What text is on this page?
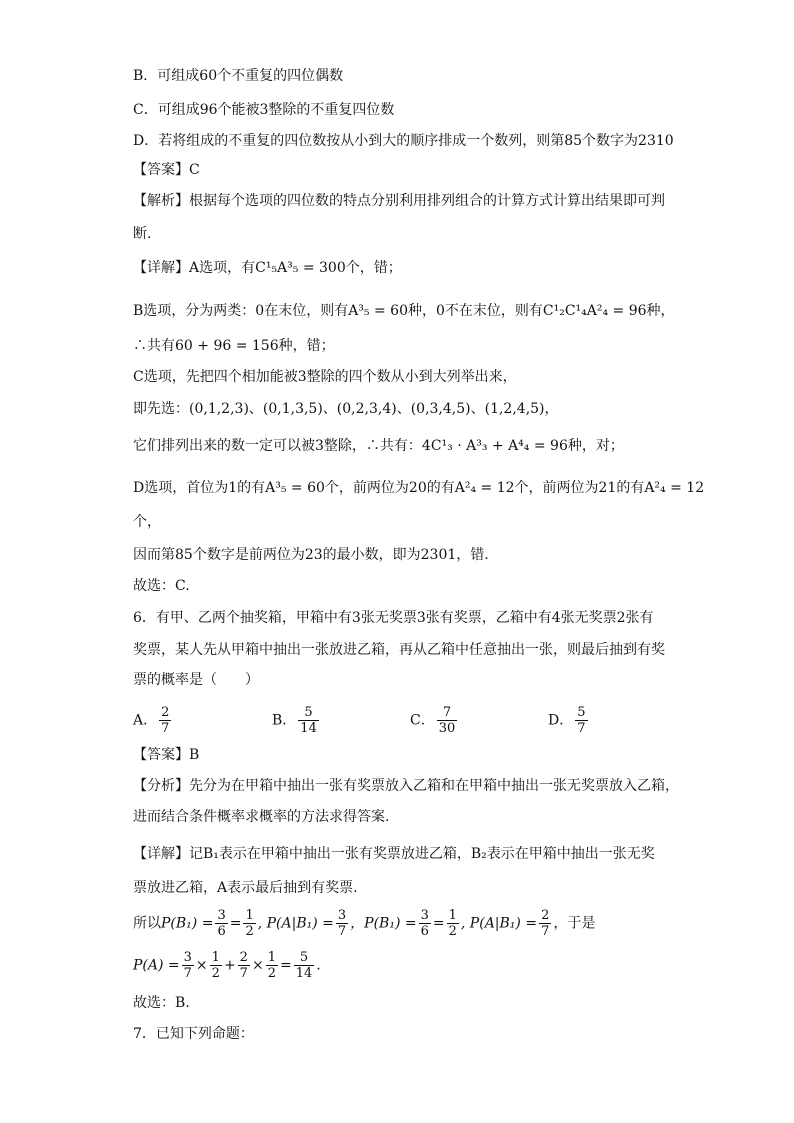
B．可组成60个不重复的四位偶数
C．可组成96个能被3整除的不重复四位数
D．若将组成的不重复的四位数按从小到大的顺序排成一个数列，则第85个数字为2310
【答案】C
【解析】根据每个选项的四位数的特点分别利用排列组合的计算方式计算出结果即可判
断.
【详解】A选项，有C¹₅A³₅ = 300个，错；
B选项，分为两类：0在末位，则有A³₅ = 60种，0不在末位，则有C¹₂C¹₄A²₄ = 96种，
∴共有60 + 96 = 156种，错；
C选项，先把四个相加能被3整除的四个数从小到大列举出来，
即先选：(0,1,2,3)、(0,1,3,5)、(0,2,3,4)、(0,3,4,5)、(1,2,4,5)，
它们排列出来的数一定可以被3整除，∴共有：4C¹₃ · A³₃ + A⁴₄ = 96种，对；
D选项，首位为1的有A³₅ = 60个，前两位为20的有A²₄ = 12个，前两位为21的有A²₄ = 12
个，
因而第85个数字是前两位为23的最小数，即为2301，错.
故选：C.
6．有甲、乙两个抽奖箱，甲箱中有3张无奖票3张有奖票，乙箱中有4张无奖票2张有
奖票，某人先从甲箱中抽出一张放进乙箱，再从乙箱中任意抽出一张，则最后抽到有奖
票的概率是（　　）
A． $\frac{2}{7}$	B． $\frac{5}{14}$	C． $\frac{7}{30}$	D． $\frac{5}{7}$
【答案】B
【分析】先分为在甲箱中抽出一张有奖票放入乙箱和在甲箱中抽出一张无奖票放入乙箱，
进而结合条件概率求概率的方法求得答案.
【详解】记B₁表示在甲箱中抽出一张有奖票放进乙箱，B₂表示在甲箱中抽出一张无奖
票放进乙箱，A表示最后抽到有奖票.
所以$P(B_1) = \frac{3}{6} = \frac{1}{2}$ , $P(A|B_1) = \frac{3}{7}$ ，$P(B_1) = \frac{3}{6} = \frac{1}{2}$ , $P(A|B_1) = \frac{2}{7}$ ，于是
$P(A) = \frac{3}{7} \times \frac{1}{2} + \frac{2}{7} \times \frac{1}{2} = \frac{5}{14}$ .
故选：B.
7．已知下列命题：
